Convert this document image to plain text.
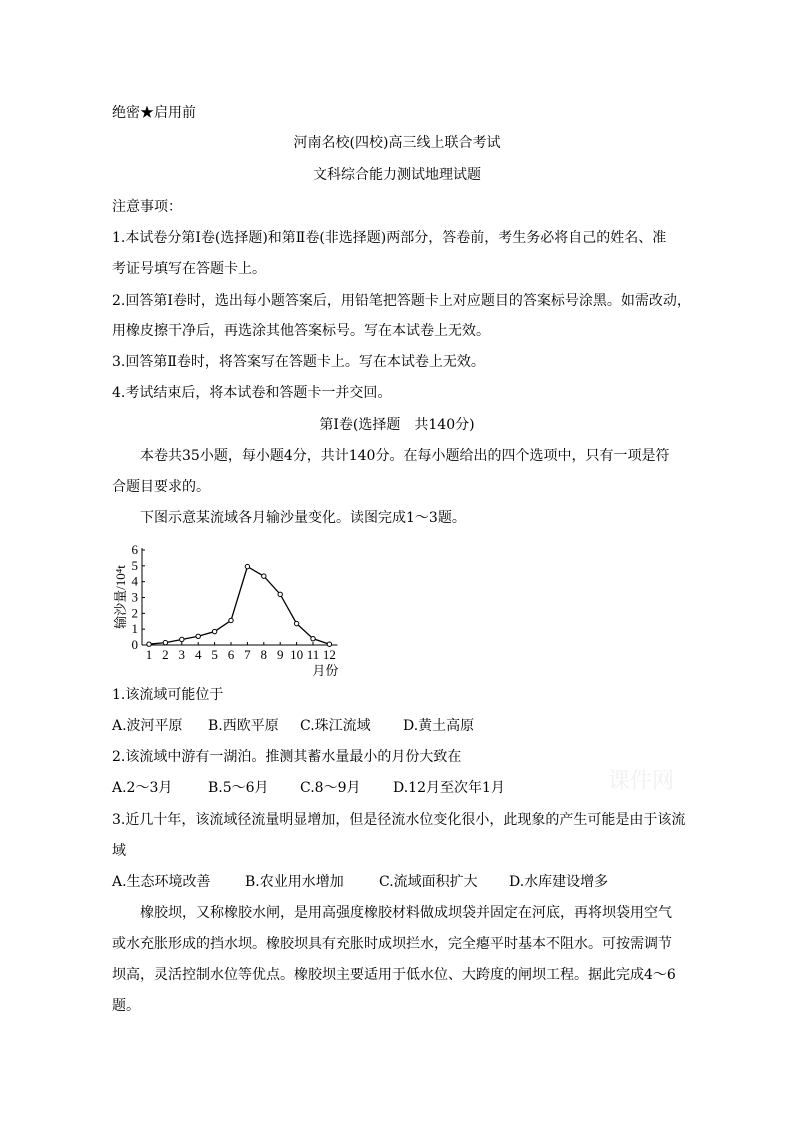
绝密★启用前
河南名校(四校)高三线上联合考试
文科综合能力测试地理试题
注意事项：
1.本试卷分第Ⅰ卷(选择题)和第Ⅱ卷(非选择题)两部分，答卷前，考生务必将自己的姓名、准
考证号填写在答题卡上。
2.回答第Ⅰ卷时，选出每小题答案后，用铅笔把答题卡上对应题目的答案标号涂黑。如需改动，
用橡皮擦干净后，再选涂其他答案标号。写在本试卷上无效。
3.回答第Ⅱ卷时，将答案写在答题卡上。写在本试卷上无效。
4.考试结束后，将本试卷和答题卡一并交回。
第Ⅰ卷(选择题　共140分)
本卷共35小题，每小题4分，共计140分。在每小题给出的四个选项中，只有一项是符
合题目要求的。
下图示意某流域各月输沙量变化。读图完成1～3题。
0
1
2
3
4
5
6
1 2 3 4 5 6 7 8 9 10 11 12
输沙量/10⁴t
月份
1.该流域可能位于
A.波河平原 B.西欧平原 C.珠江流域 D.黄土高原
2.该流域中游有一湖泊。推测其蓄水量最小的月份大致在
A.2～3月	B.5～6月 C.8～9月 D.12月至次年1月
3.近几十年，该流域径流量明显增加，但是径流水位变化很小，此现象的产生可能是由于该流
域
A.生态环境改善 B.农业用水增加	C.流域面积扩大 D.水库建设增多
橡胶坝，又称橡胶水闸，是用高强度橡胶材料做成坝袋并固定在河底，再将坝袋用空气
或水充胀形成的挡水坝。橡胶坝具有充胀时成坝拦水，完全瘪平时基本不阻水。可按需调节
坝高，灵活控制水位等优点。橡胶坝主要适用于低水位、大跨度的闸坝工程。据此完成4～6
题。
课件网
